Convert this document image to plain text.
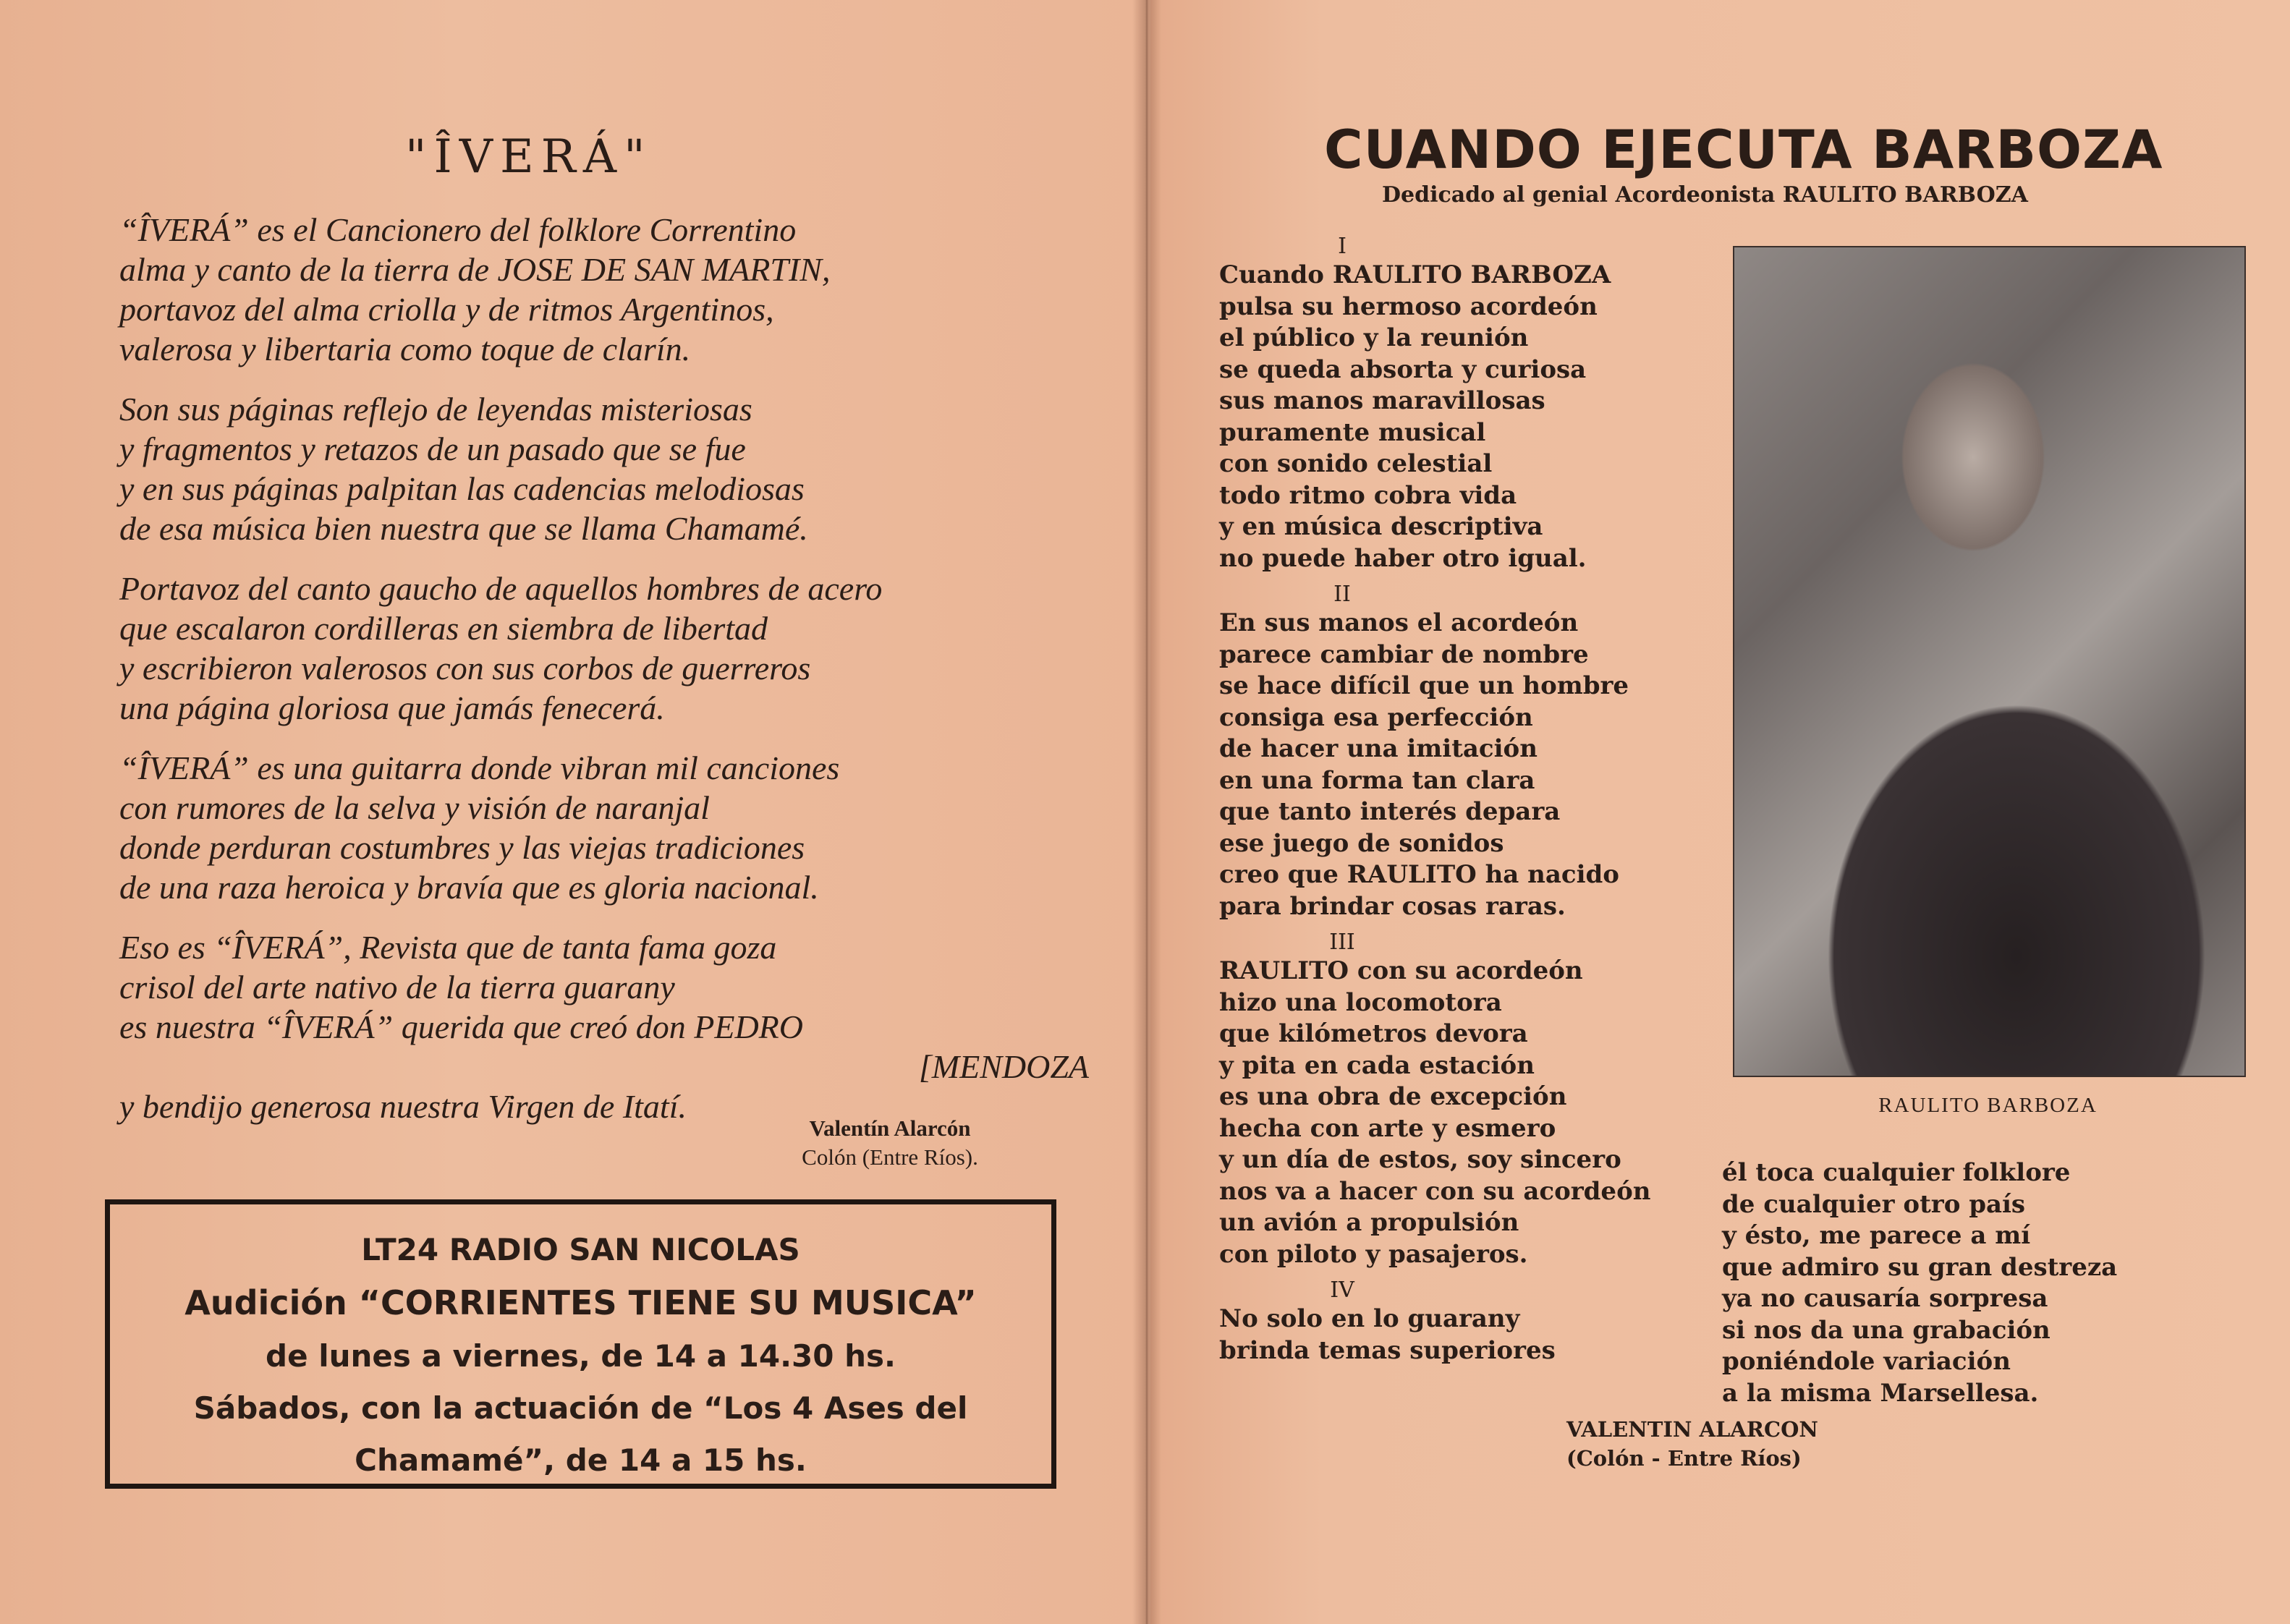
"ÎVERÁ"
“ÎVERÁ” es el Cancionero del folklore Correntino
alma y canto de la tierra de JOSE DE SAN MARTIN,
portavoz del alma criolla y de ritmos Argentinos,
valerosa y libertaria como toque de clarín.
Son sus páginas reflejo de leyendas misteriosas
y fragmentos y retazos de un pasado que se fue
y en sus páginas palpitan las cadencias melodiosas
de esa música bien nuestra que se llama Chamamé.
Portavoz del canto gaucho de aquellos hombres de acero
que escalaron cordilleras en siembra de libertad
y escribieron valerosos con sus corbos de guerreros
una página gloriosa que jamás fenecerá.
“ÎVERÁ” es una guitarra donde vibran mil canciones
con rumores de la selva y visión de naranjal
donde perduran costumbres y las viejas tradiciones
de una raza heroica y bravía que es gloria nacional.
Eso es “ÎVERÁ”, Revista que de tanta fama goza
crisol del arte nativo de la tierra guarany
es nuestra “ÎVERÁ” querida que creó don PEDRO
[MENDOZA
y bendijo generosa nuestra Virgen de Itatí.
Valentín Alarcón
Colón (Entre Ríos).
LT24 RADIO SAN NICOLAS
Audición “CORRIENTES TIENE SU MUSICA”
de lunes a viernes, de 14 a 14.30 hs.
Sábados, con la actuación de “Los 4 Ases del
Chamamé”, de 14 a 15 hs.
CUANDO EJECUTA BARBOZA
Dedicado al genial Acordeonista RAULITO BARBOZA
I
Cuando RAULITO BARBOZA
pulsa su hermoso acordeón
el público y la reunión
se queda absorta y curiosa
sus manos maravillosas
puramente musical
con sonido celestial
todo ritmo cobra vida
y en música descriptiva
no puede haber otro igual.
II
En sus manos el acordeón
parece cambiar de nombre
se hace difícil que un hombre
consiga esa perfección
de hacer una imitación
en una forma tan clara
que tanto interés depara
ese juego de sonidos
creo que RAULITO ha nacido
para brindar cosas raras.
III
RAULITO con su acordeón
hizo una locomotora
que kilómetros devora
y pita en cada estación
es una obra de excepción
hecha con arte y esmero
y un día de estos, soy sincero
nos va a hacer con su acordeón
un avión a propulsión
con piloto y pasajeros.
IV
No solo en lo guarany
brinda temas superiores
RAULITO BARBOZA
él toca cualquier folklore
de cualquier otro país
y ésto, me parece a mí
que admiro su gran destreza
ya no causaría sorpresa
si nos da una grabación
poniéndole variación
a la misma Marsellesa.
VALENTIN ALARCON
(Colón - Entre Ríos)
